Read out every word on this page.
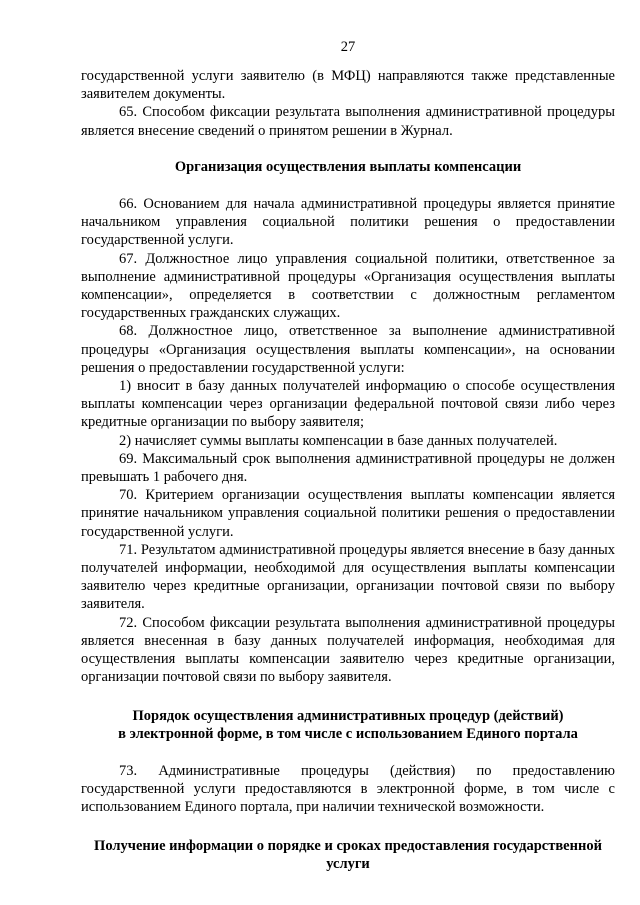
27

государственной услуги заявителю (в МФЦ) направляются также представленные заявителем документы.

65. Способом фиксации результата выполнения административной процедуры является внесение сведений о принятом решении в Журнал.

Организация осуществления выплаты компенсации

66. Основанием для начала административной процедуры является принятие начальником управления социальной политики решения о предоставлении государственной услуги.

67. Должностное лицо управления социальной политики, ответственное за выполнение административной процедуры «Организация осуществления выплаты компенсации», определяется в соответствии с должностным регламентом государственных гражданских служащих.

68. Должностное лицо, ответственное за выполнение административной процедуры «Организация осуществления выплаты компенсации», на основании решения о предоставлении государственной услуги:

1) вносит в базу данных получателей информацию о способе осуществления выплаты компенсации через организации федеральной почтовой связи либо через кредитные организации по выбору заявителя;

2) начисляет суммы выплаты компенсации в базе данных получателей.

69. Максимальный срок выполнения административной процедуры не должен превышать 1 рабочего дня.

70. Критерием организации осуществления выплаты компенсации является принятие начальником управления социальной политики решения о предоставлении государственной услуги.

71. Результатом административной процедуры является внесение в базу данных получателей информации, необходимой для осуществления выплаты компенсации заявителю через кредитные организации, организации почтовой связи по выбору заявителя.

72. Способом фиксации результата выполнения административной процедуры является внесенная в базу данных получателей информация, необходимая для осуществления выплаты компенсации заявителю через кредитные организации, организации почтовой связи по выбору заявителя.

Порядок осуществления административных процедур (действий)
в электронной форме, в том числе с использованием Единого портала

73. Административные процедуры (действия) по предоставлению государственной услуги предоставляются в электронной форме, в том числе с использованием Единого портала, при наличии технической возможности.

Получение информации о порядке и сроках предоставления государственной услуги
